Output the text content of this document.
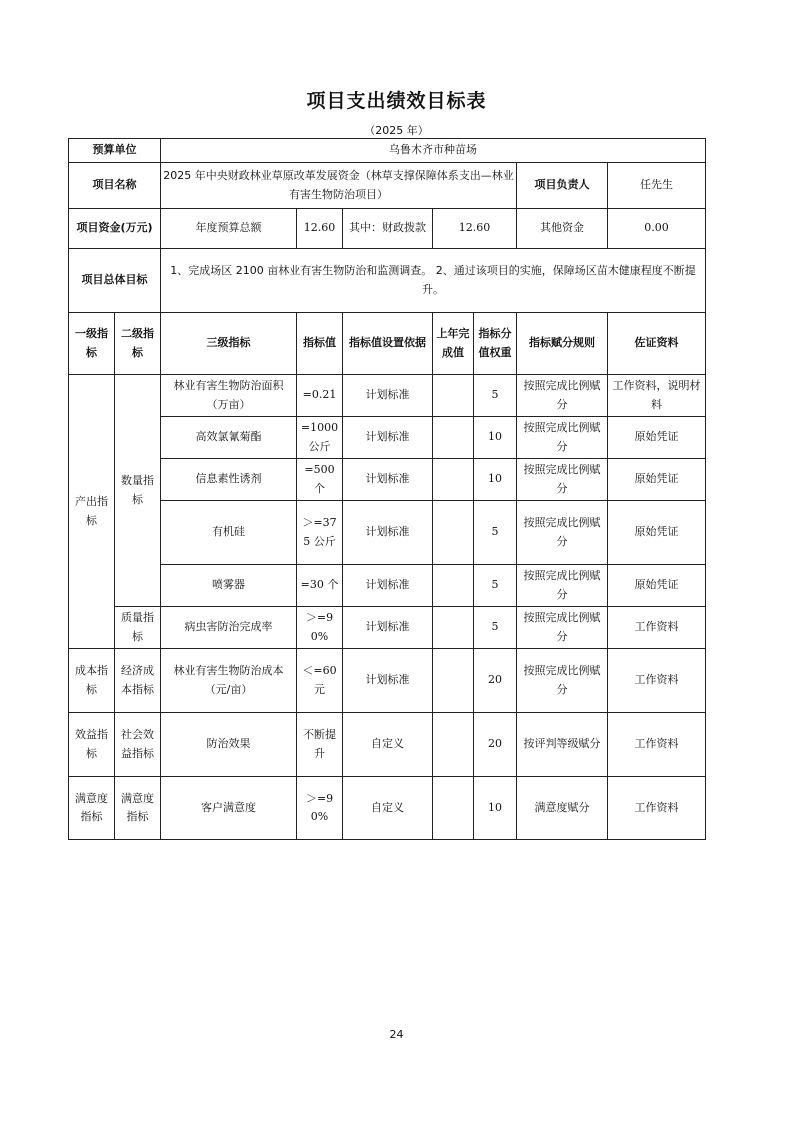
项目支出绩效目标表
（2025 年）
预算单位		乌鲁木齐市种苗场						
项目名称		2025 年中央财政林业草原改革发展资金（林草支撑保障体系支出—林业有害生物防治项目）					项目负责人	任先生
项目资金(万元)		年度预算总额	12.60	其中：财政拨款	12.60		其他资金	0.00
项目总体目标		1、完成场区 2100 亩林业有害生物防治和监测调查。 2、通过该项目的实施，保障场区苗木健康程度不断提升。						
一级指标	二级指标	三级指标	指标值	指标值设置依据	上年完成值	指标分值权重	指标赋分规则	佐证资料
产出指标	数量指标	林业有害生物防治面积（万亩）	=0.21	计划标准		5	按照完成比例赋分	工作资料，说明材料
		高效氯氰菊酯	=1000 公斤	计划标准		10	按照完成比例赋分	原始凭证
		信息素性诱剂	=500 个	计划标准		10	按照完成比例赋分	原始凭证
		有机硅	＞=375 公斤	计划标准		5	按照完成比例赋分	原始凭证
		喷雾器	=30 个	计划标准		5	按照完成比例赋分	原始凭证
	质量指标	病虫害防治完成率	＞=90%	计划标准		5	按照完成比例赋分	工作资料
成本指标	经济成本指标	林业有害生物防治成本（元/亩）	＜=60 元	计划标准		20	按照完成比例赋分	工作资料
效益指标	社会效益指标	防治效果	不断提升	自定义		20	按评判等级赋分	工作资料
满意度指标	满意度指标	客户满意度	＞=90%	自定义		10	满意度赋分	工作资料
24
